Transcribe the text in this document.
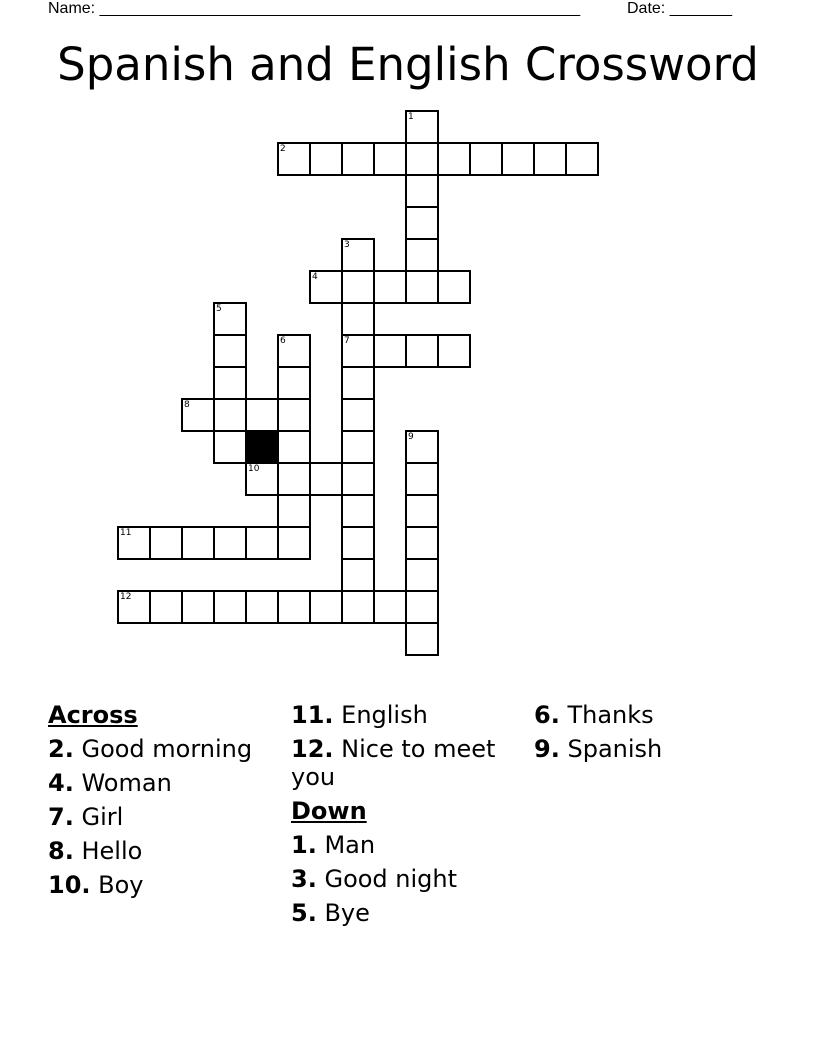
Name: ______________________________________________________	Date: _______
Spanish and English Crossword
1
2
3
7
4
5
6
8
9
10
11
12
Across
2. Good morning
4. Woman
7. Girl
8. Hello
10. Boy
11. English
12. Nice to meet you
Down
1. Man
3. Good night
5. Bye
6. Thanks
9. Spanish
